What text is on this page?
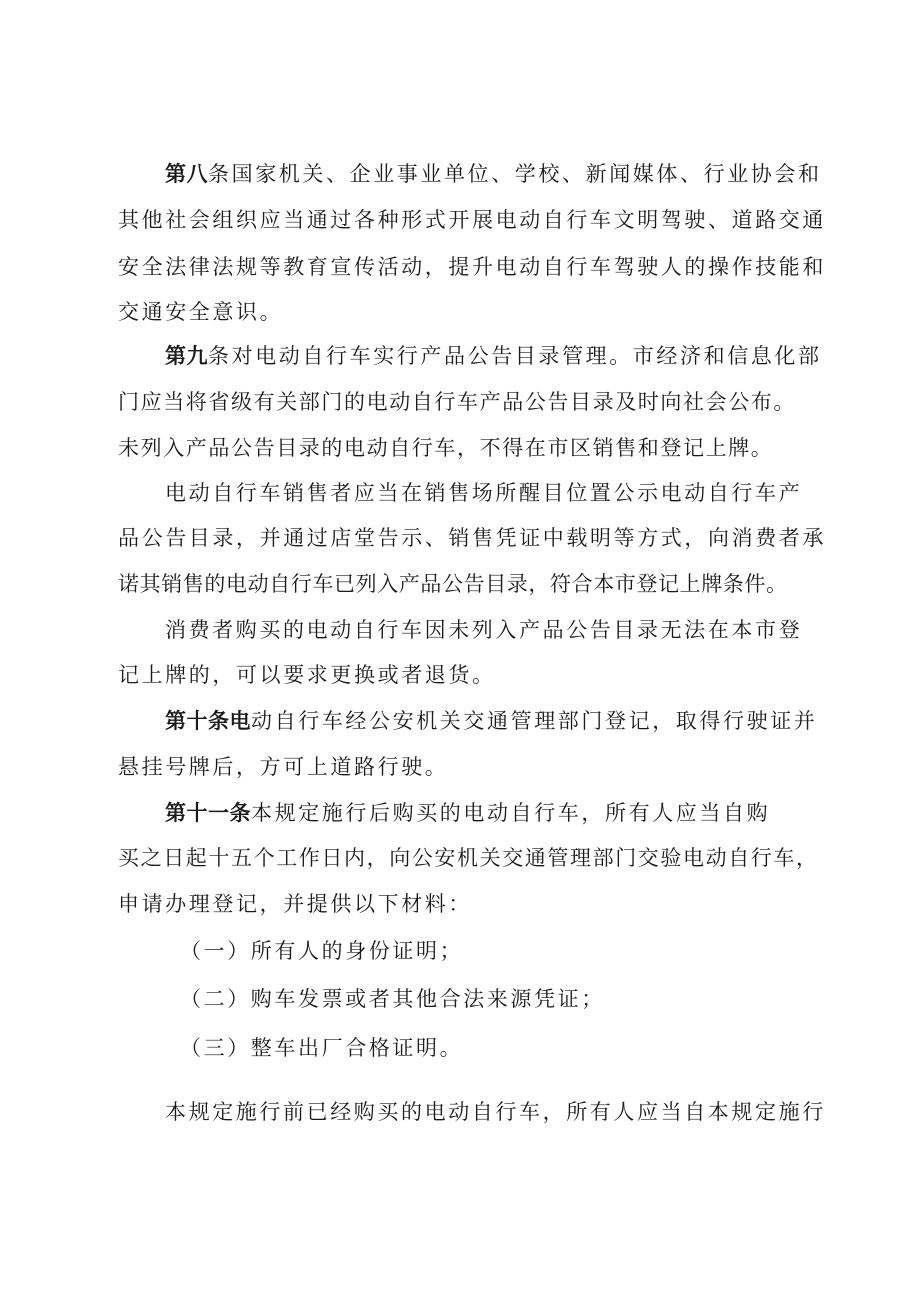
第八条国家机关、企业事业单位、学校、新闻媒体、行业协会和
其他社会组织应当通过各种形式开展电动自行车文明驾驶、道路交通
安全法律法规等教育宣传活动，提升电动自行车驾驶人的操作技能和
交通安全意识。
第九条对电动自行车实行产品公告目录管理。市经济和信息化部
门应当将省级有关部门的电动自行车产品公告目录及时向社会公布。
未列入产品公告目录的电动自行车，不得在市区销售和登记上牌。
电动自行车销售者应当在销售场所醒目位置公示电动自行车产
品公告目录，并通过店堂告示、销售凭证中载明等方式，向消费者承
诺其销售的电动自行车已列入产品公告目录，符合本市登记上牌条件。
消费者购买的电动自行车因未列入产品公告目录无法在本市登
记上牌的，可以要求更换或者退货。
第十条电动自行车经公安机关交通管理部门登记，取得行驶证并
悬挂号牌后，方可上道路行驶。
第十一条本规定施行后购买的电动自行车，所有人应当自购
买之日起十五个工作日内，向公安机关交通管理部门交验电动自行车，
申请办理登记，并提供以下材料：
（一）所有人的身份证明；
（二）购车发票或者其他合法来源凭证；
（三）整车出厂合格证明。
本规定施行前已经购买的电动自行车，所有人应当自本规定施行
